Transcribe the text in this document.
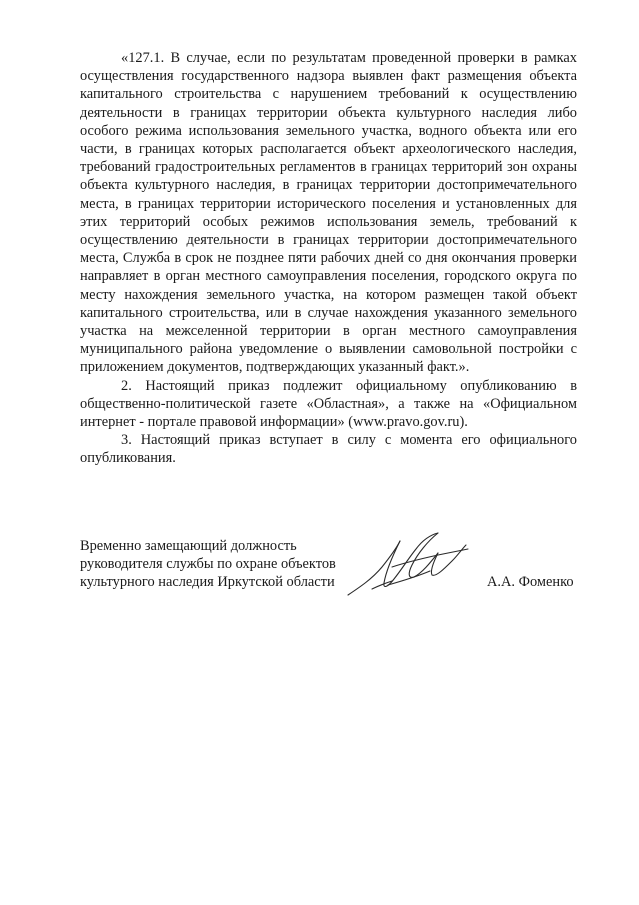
«127.1. В случае, если по результатам проведенной проверки в рамках осуществления государственного надзора выявлен факт размещения объекта капитального строительства с нарушением требований к осуществлению деятельности в границах территории объекта культурного наследия либо особого режима использования земельного участка, водного объекта или его части, в границах которых располагается объект археологического наследия, требований градостроительных регламентов в границах территорий зон охраны объекта культурного наследия, в границах территории достопримечательного места, в границах территории исторического поселения и установленных для этих территорий особых режимов использования земель, требований к осуществлению деятельности в границах территории достопримечательного места, Служба в срок не позднее пяти рабочих дней со дня окончания проверки направляет в орган местного самоуправления поселения, городского округа по месту нахождения земельного участка, на котором размещен такой объект капитального строительства, или в случае нахождения указанного земельного участка на межселенной территории в орган местного самоуправления муниципального района уведомление о выявлении самовольной постройки с приложением документов, подтверждающих указанный факт.».

2. Настоящий приказ подлежит официальному опубликованию в общественно-политической газете «Областная», а также на «Официальном интернет - портале правовой информации» (www.pravo.gov.ru).

3. Настоящий приказ вступает в силу с момента его официального опубликования.

Временно замещающий должность
руководителя службы по охране объектов
культурного наследия Иркутской области	А.А. Фоменко
